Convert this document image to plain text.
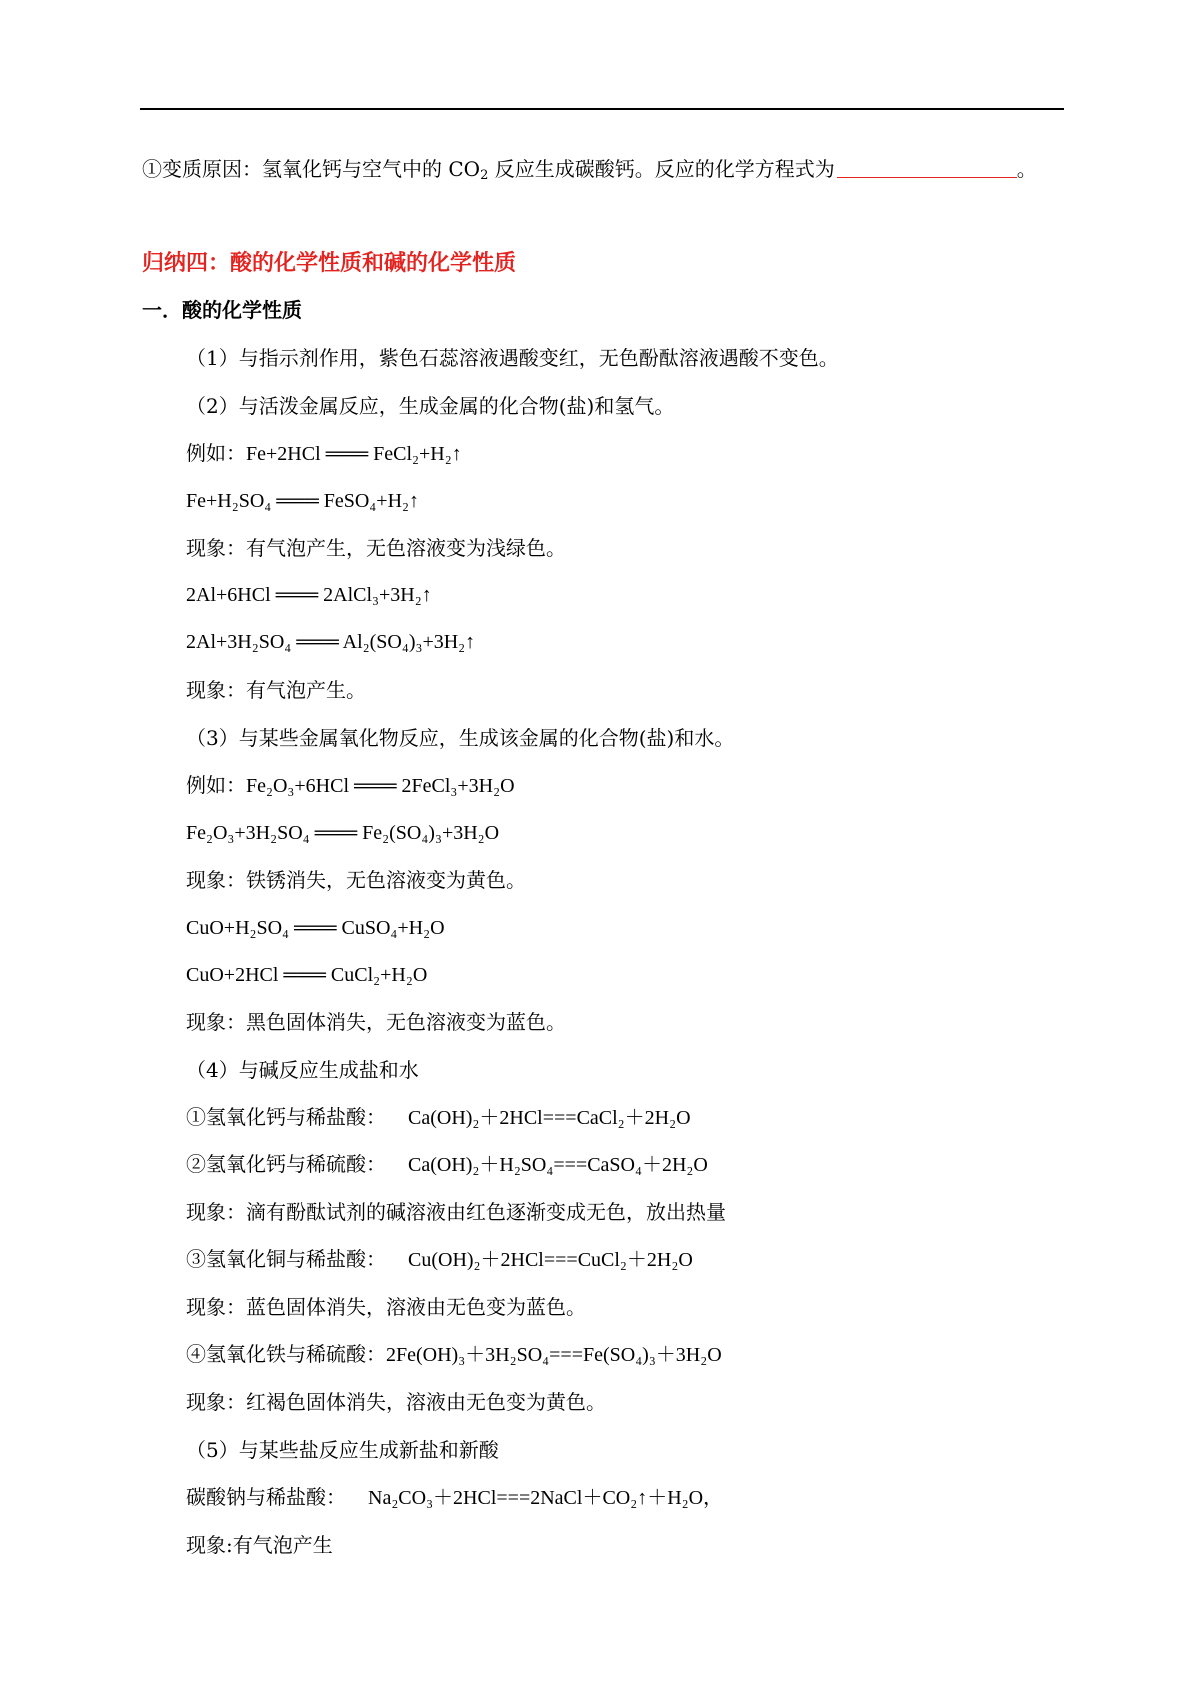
①变质原因：氢氧化钙与空气中的 $CO_2$ 反应生成碳酸钙。反应的化学方程式为	。
归纳四：酸的化学性质和碱的化学性质
一．酸的化学性质
（1）与指示剂作用，紫色石蕊溶液遇酸变红，无色酚酞溶液遇酸不变色。
（2）与活泼金属反应，生成金属的化合物(盐)和氢气。
例如：Fe+2HCl ═══ FeCl₂+H₂↑
Fe+H₂SO₄ ═══ FeSO₄+H₂↑
现象：有气泡产生，无色溶液变为浅绿色。
2Al+6HCl ═══ 2AlCl₃+3H₂↑
2Al+3H₂SO₄ ═══ Al₂(SO₄)₃+3H₂↑
现象：有气泡产生。
（3）与某些金属氧化物反应，生成该金属的化合物(盐)和水。
例如：Fe₂O₃+6HCl ═══ 2FeCl₃+3H₂O
Fe₂O₃+3H₂SO₄ ═══ Fe₂(SO₄)₃+3H₂O
现象：铁锈消失，无色溶液变为黄色。
CuO+H₂SO₄ ═══ CuSO₄+H₂O
CuO+2HCl ═══ CuCl₂+H₂O
现象：黑色固体消失，无色溶液变为蓝色。
（4）与碱反应生成盐和水
①氢氧化钙与稀盐酸： Ca(OH)₂＋2HCl===CaCl₂＋2H₂O
②氢氧化钙与稀硫酸： Ca(OH)₂＋H₂SO₄===CaSO₄＋2H₂O
现象：滴有酚酞试剂的碱溶液由红色逐渐变成无色，放出热量
③氢氧化铜与稀盐酸： Cu(OH)₂＋2HCl===CuCl₂＋2H₂O
现象：蓝色固体消失，溶液由无色变为蓝色。
④氢氧化铁与稀硫酸：2Fe(OH)₃＋3H₂SO₄===Fe(SO₄)₃＋3H₂O
现象：红褐色固体消失，溶液由无色变为黄色。
（5）与某些盐反应生成新盐和新酸
碳酸钠与稀盐酸： Na₂CO₃＋2HCl===2NaCl＋CO₂↑＋H₂O，
现象:有气泡产生
